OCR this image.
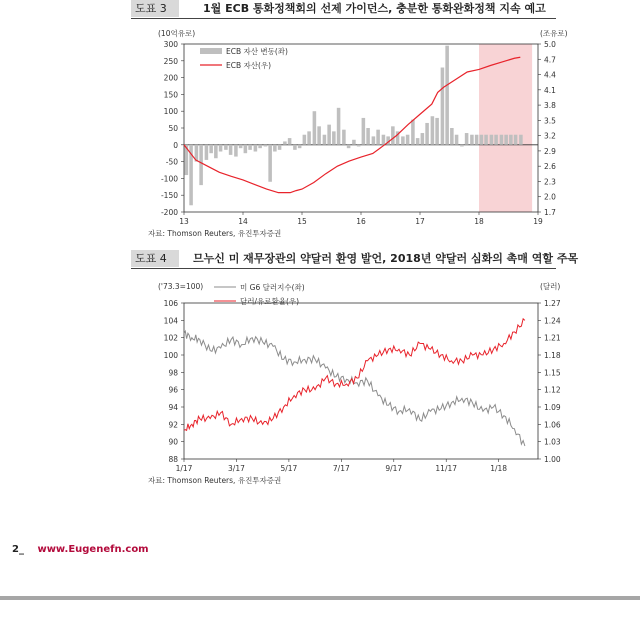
도표 3	1월 ECB 통화정책회의 선제 가이던스, 충분한 통화완화정책 지속 예고
(10억유로)	(조유로)
300
250
200
150
100
50
0
-50
-100
-150
-200
5.0
4.7
4.4
4.1
3.8
3.5
3.2
2.9
2.6
2.3
2.0
1.7
13	14	15	16	17	18	19
ECB 자산 변동(좌)
ECB 자산(우)
자료: Thomson Reuters, 유진투자증권
도표 4	므누신 미 재무장관의 약달러 환영 발언, 2018년 약달러 심화의 촉매 역할 주목
('73.3=100)	(달러)
106
104
102
100
98
96
94
92
90
88
1.27
1.24
1.21
1.18
1.15
1.12
1.09
1.06
1.03
1.00
1/17	3/17	5/17	7/17	9/17	11/17	1/18
미 G6 달러지수(좌)
달러/유로환율(우)
자료: Thomson Reuters, 유진투자증권
2_ www.Eugenefn.com
